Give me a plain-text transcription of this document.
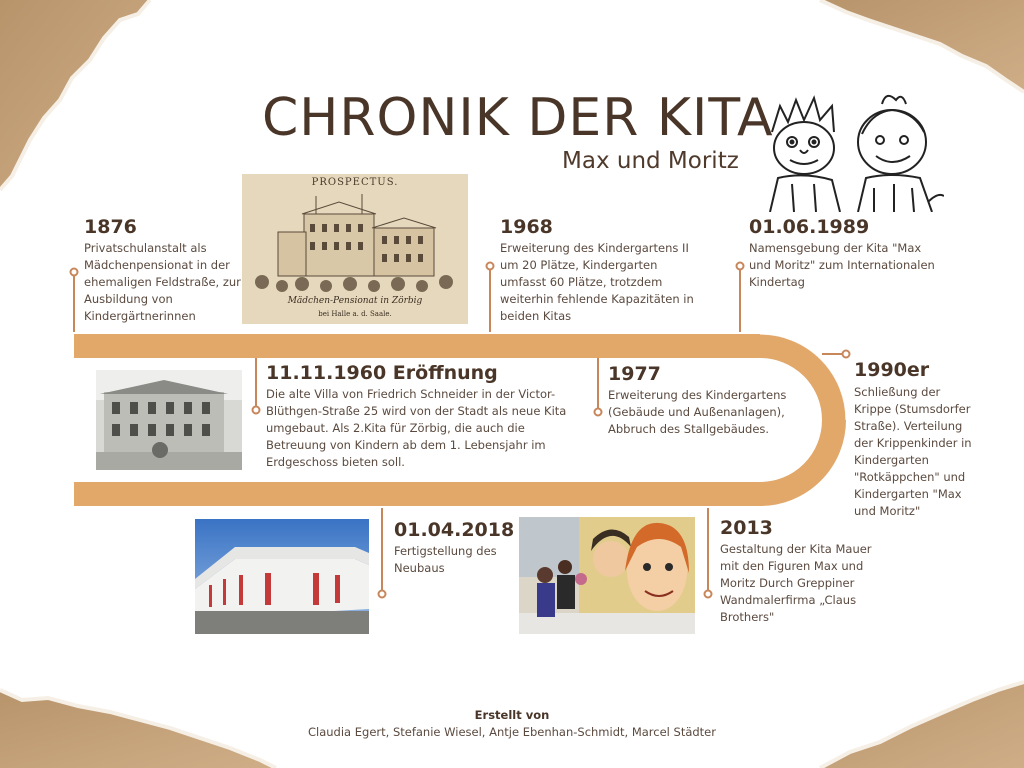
CHRONIK DER KITA
Max und Moritz
PROSPECTUS.
Mädchen-Pensionat in Zörbig
bei Halle a. d. Saale.
1876
Privatschulanstalt als Mädchenpensionat in der ehemaligen Feldstraße, zur Ausbildung von Kindergärtnerinnen
1968
Erweiterung des Kindergartens II um 20 Plätze, Kindergarten umfasst 60 Plätze, trotzdem weiterhin fehlende Kapazitäten in beiden Kitas
01.06.1989
Namensgebung der Kita "Max und Moritz" zum Internationalen Kindertag
11.11.1960 Eröffnung
Die alte Villa von Friedrich Schneider in der Victor-Blüthgen-Straße 25 wird von der Stadt als neue Kita umgebaut. Als 2.Kita für Zörbig, die auch die Betreuung von Kindern ab dem 1. Lebensjahr im Erdgeschoss bieten soll.
1977
Erweiterung des Kindergartens (Gebäude und Außenanlagen), Abbruch des Stallgebäudes.
1990er
Schließung der Krippe (Stumsdorfer Straße). Verteilung der Krippenkinder in Kindergarten "Rotkäppchen" und Kindergarten "Max und Moritz"
01.04.2018
Fertigstellung des Neubaus
2013
Gestaltung der Kita Mauer mit den Figuren Max und Moritz Durch Greppiner Wandmalerfirma „Claus Brothers"
Erstellt von
Claudia Egert, Stefanie Wiesel, Antje Ebenhan-Schmidt, Marcel Städter
